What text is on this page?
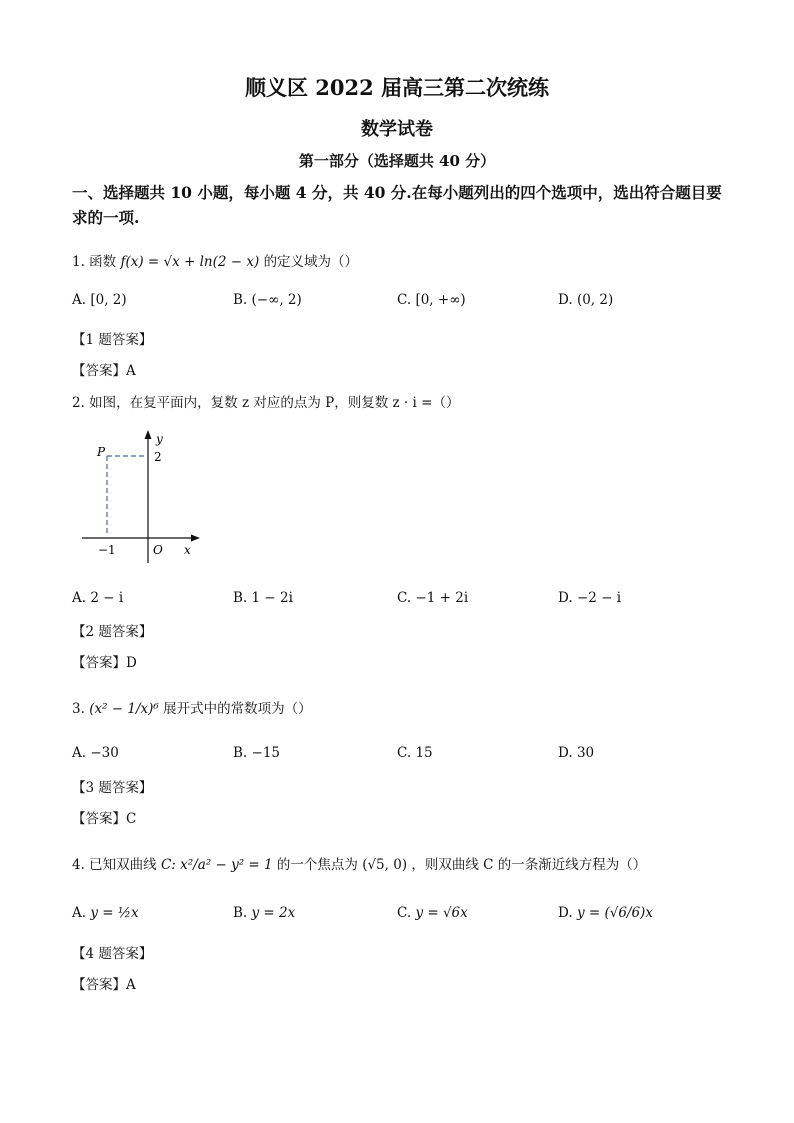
顺义区 2022 届高三第二次统练
数学试卷
第一部分（选择题共 40 分）
一、选择题共 10 小题，每小题 4 分，共 40 分.在每小题列出的四个选项中，选出符合题目要求的一项.
1. 函数 f(x) = √x + ln(2 − x) 的定义域为（）
A. [0, 2)	B. (−∞, 2)	C. [0, +∞)	D. (0, 2)
【1 题答案】
【答案】A
2. 如图，在复平面内，复数 z 对应的点为 P，则复数 z · i =（）
P
y
2
−1	O x
A. 2 − i	B. 1 − 2i	C. −1 + 2i	D. −2 − i
【2 题答案】
【答案】D
3. (x² − 1/x)⁶ 展开式中的常数项为（）
A. −30	B. −15	C. 15	D. 30
【3 题答案】
【答案】C
4. 已知双曲线 C: x²/a² − y² = 1 的一个焦点为 (√5, 0) ，则双曲线 C 的一条渐近线方程为（）
A. y = ½x	B. y = 2x	C. y = √6x	D. y = (√6/6)x
【4 题答案】
【答案】A
